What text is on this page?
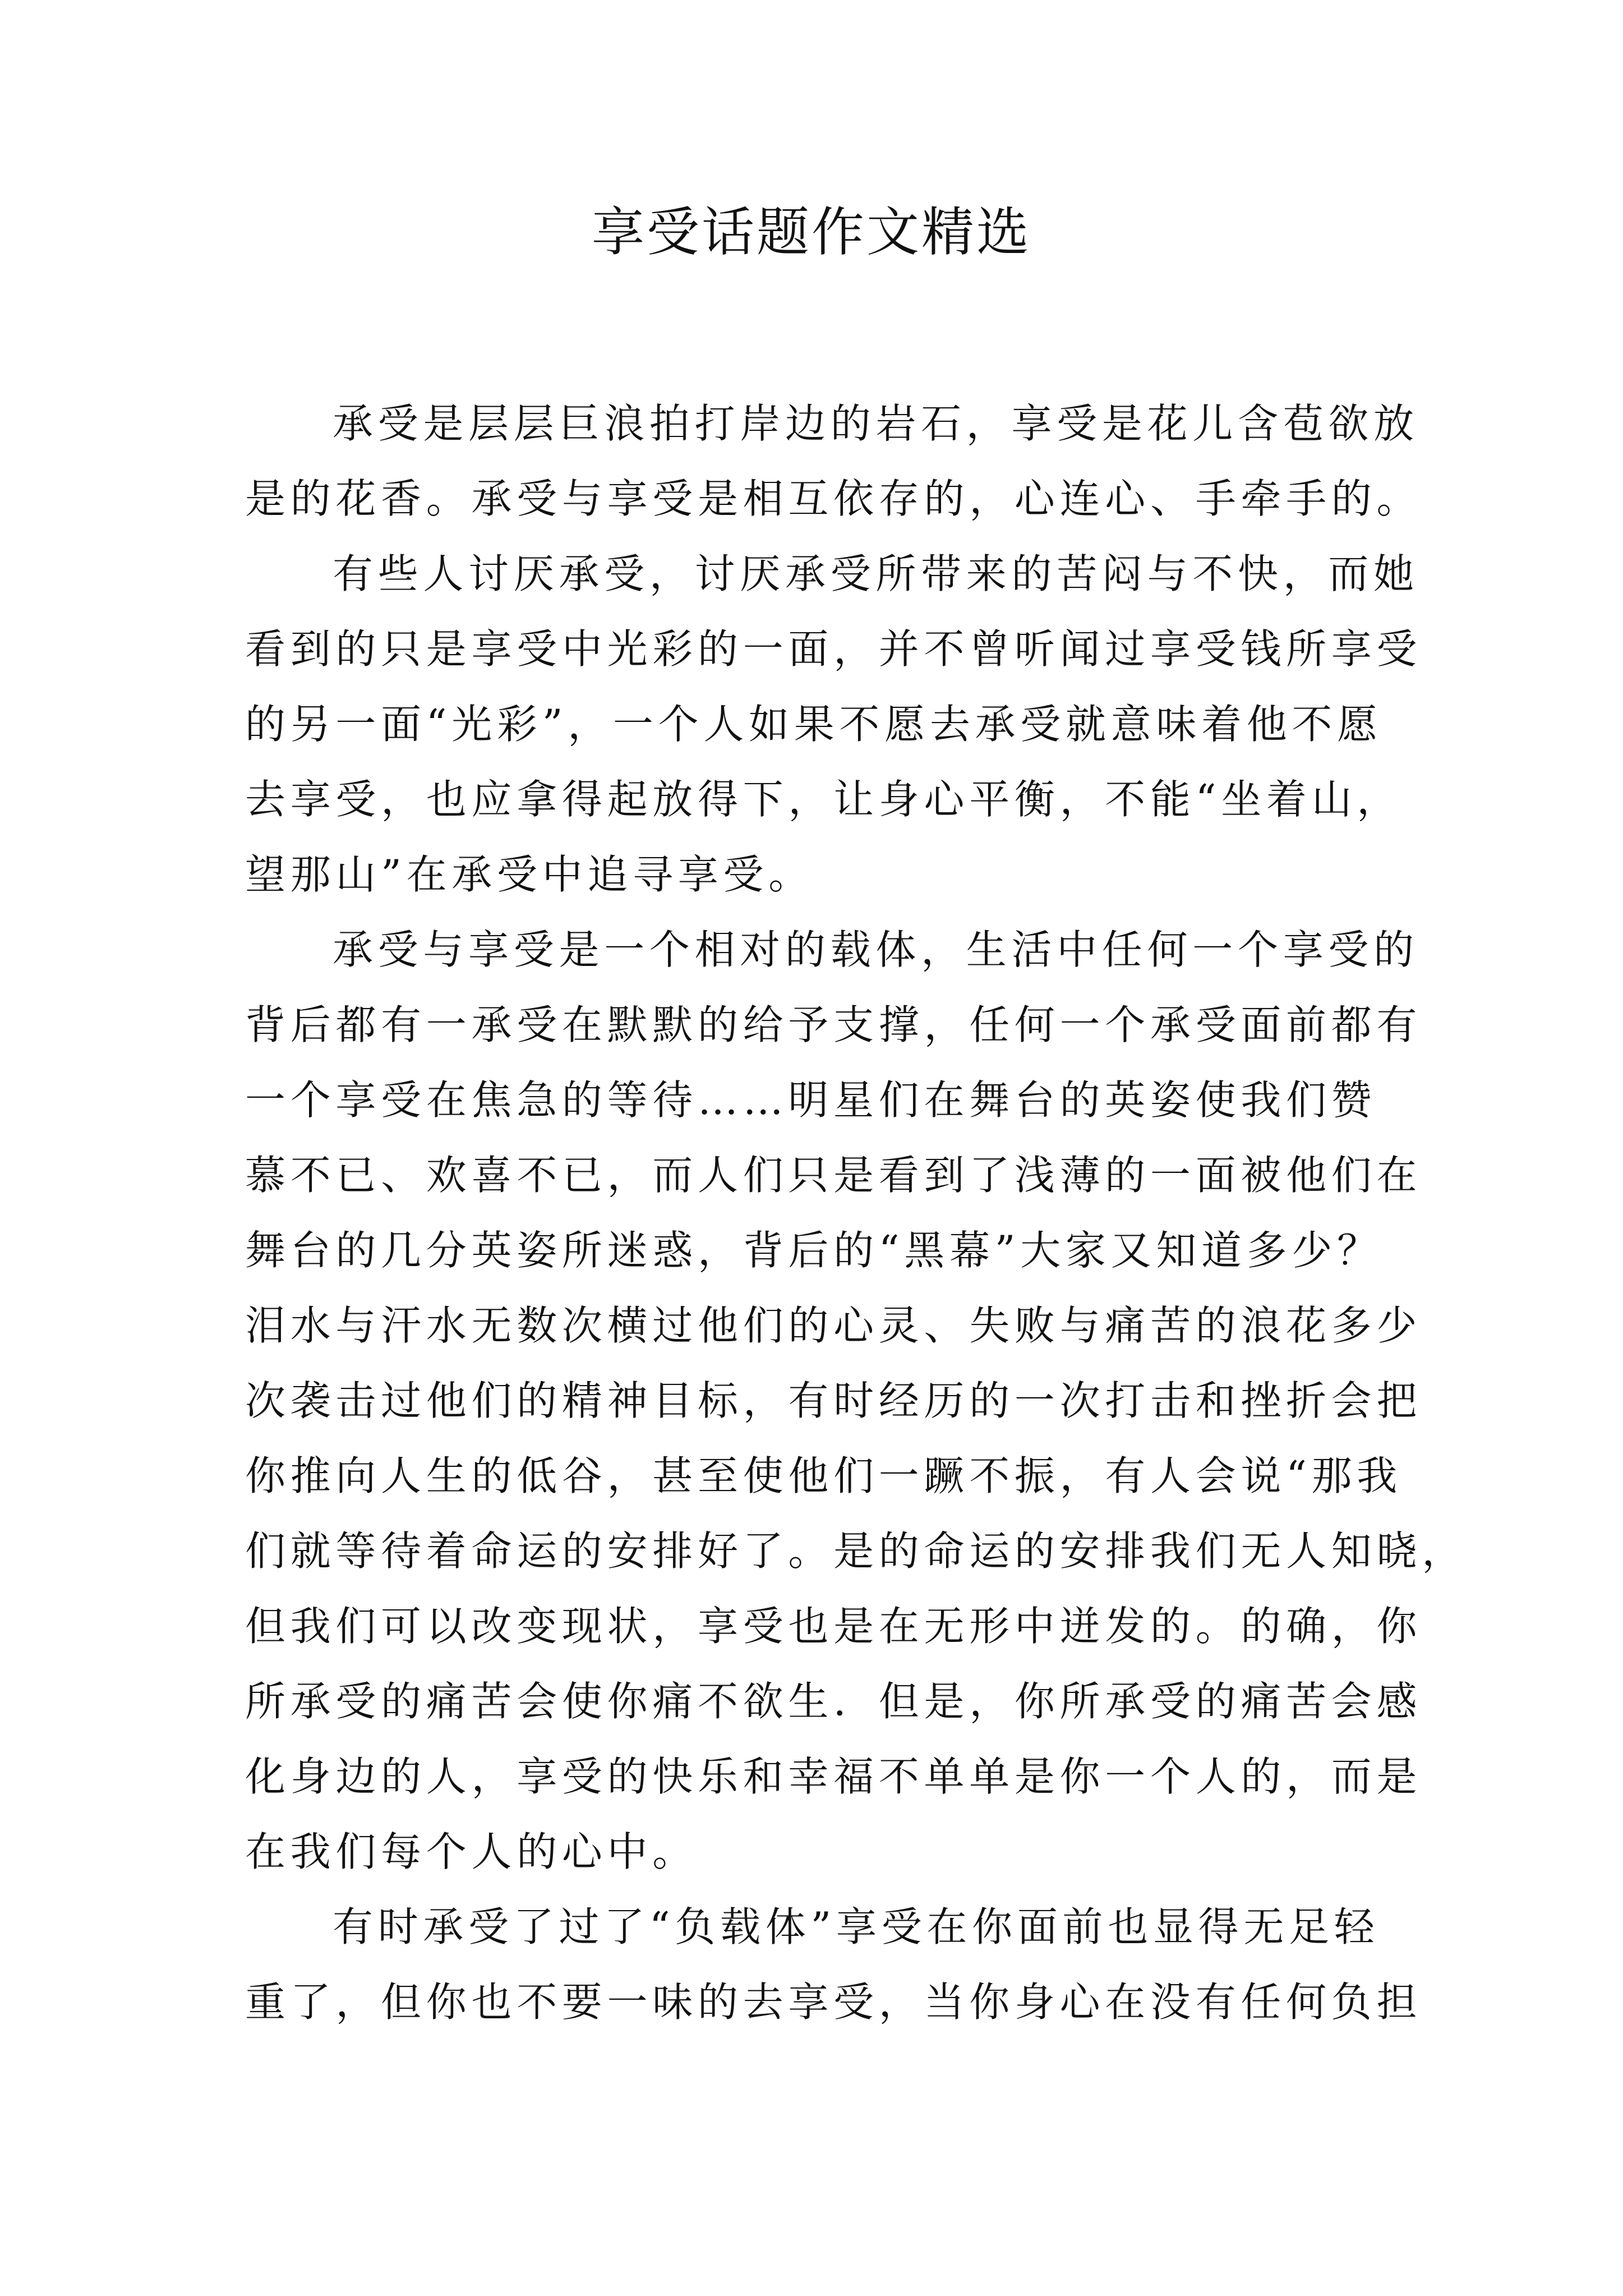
享受话题作文精选
承受是层层巨浪拍打岸边的岩石，享受是花儿含苞欲放
是的花香。承受与享受是相互依存的，心连心、手牵手的。
有些人讨厌承受，讨厌承受所带来的苦闷与不快，而她
看到的只是享受中光彩的一面，并不曾听闻过享受钱所享受
的另一面“光彩”，一个人如果不愿去承受就意味着他不愿
去享受，也应拿得起放得下，让身心平衡，不能“坐着山，
望那山”在承受中追寻享受。
承受与享受是一个相对的载体，生活中任何一个享受的
背后都有一承受在默默的给予支撑，任何一个承受面前都有
一个享受在焦急的等待……明星们在舞台的英姿使我们赞
慕不已、欢喜不已，而人们只是看到了浅薄的一面被他们在
舞台的几分英姿所迷惑，背后的“黑幕”大家又知道多少？
泪水与汗水无数次横过他们的心灵、失败与痛苦的浪花多少
次袭击过他们的精神目标，有时经历的一次打击和挫折会把
你推向人生的低谷，甚至使他们一蹶不振，有人会说“那我
们就等待着命运的安排好了。是的命运的安排我们无人知晓，
但我们可以改变现状，享受也是在无形中迸发的。的确，你
所承受的痛苦会使你痛不欲生．但是，你所承受的痛苦会感
化身边的人，享受的快乐和幸福不单单是你一个人的，而是
在我们每个人的心中。
有时承受了过了“负载体”享受在你面前也显得无足轻
重了，但你也不要一味的去享受，当你身心在没有任何负担
